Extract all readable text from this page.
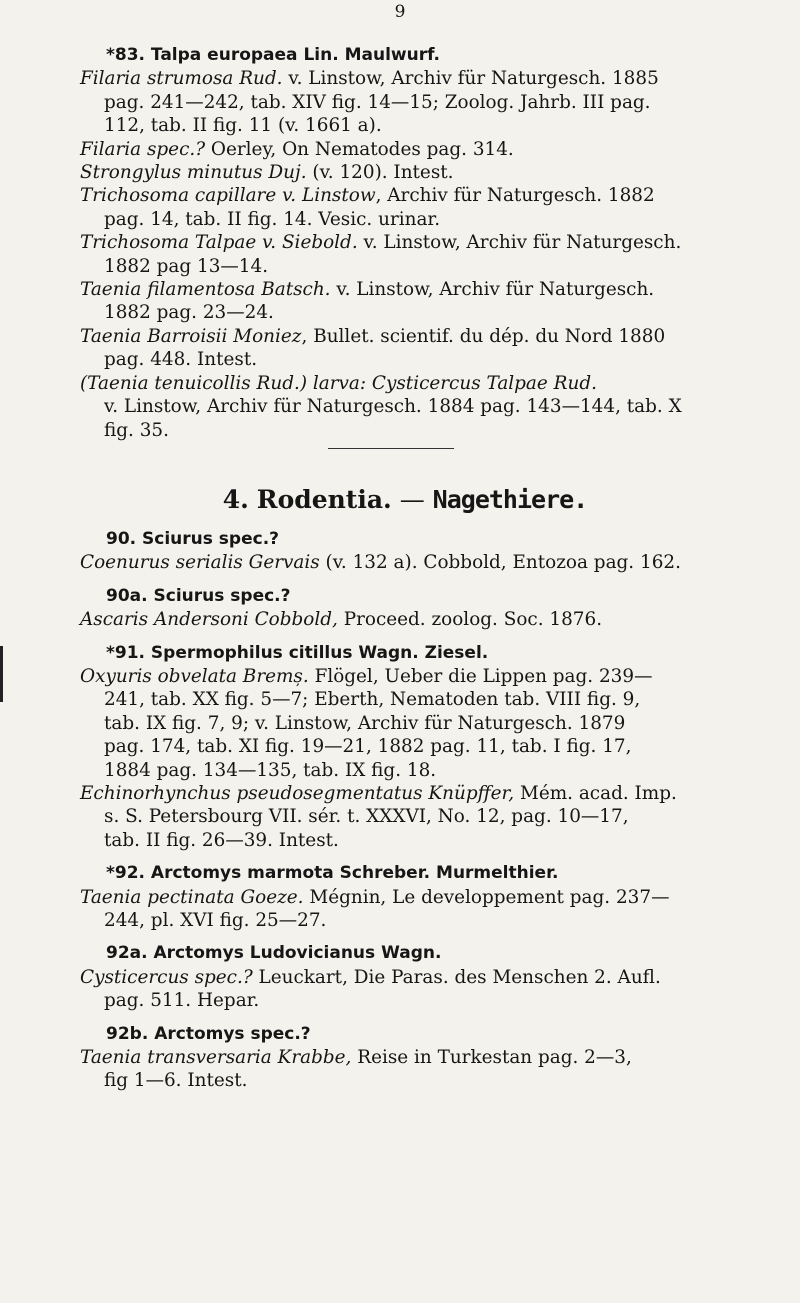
9
*83. Talpa europaea Lin. Maulwurf.
Filaria strumosa Rud. v. Linstow, Archiv für Naturgesch. 1885
pag. 241—242, tab. XIV fig. 14—15; Zoolog. Jahrb. III pag.
112, tab. II fig. 11 (v. 1661 a).
Filaria spec.? Oerley, On Nematodes pag. 314.
Strongylus minutus Duj. (v. 120). Intest.
Trichosoma capillare v. Linstow, Archiv für Naturgesch. 1882
pag. 14, tab. II fig. 14. Vesic. urinar.
Trichosoma Talpae v. Siebold. v. Linstow, Archiv für Naturgesch.
1882 pag 13—14.
Taenia filamentosa Batsch. v. Linstow, Archiv für Naturgesch.
1882 pag. 23—24.
Taenia Barroisii Moniez, Bullet. scientif. du dép. du Nord 1880
pag. 448. Intest.
(Taenia tenuicollis Rud.) larva: Cysticercus Talpae Rud.
v. Linstow, Archiv für Naturgesch. 1884 pag. 143—144, tab. X
fig. 35.
4. Rodentia. — Nagethiere.
90. Sciurus spec.?
Coenurus serialis Gervais (v. 132 a). Cobbold, Entozoa pag. 162.
90a. Sciurus spec.?
Ascaris Andersoni Cobbold, Proceed. zoolog. Soc. 1876.
*91. Spermophilus citillus Wagn. Ziesel.
Oxyuris obvelata Bremș. Flögel, Ueber die Lippen pag. 239—
241, tab. XX fig. 5—7; Eberth, Nematoden tab. VIII fig. 9,
tab. IX fig. 7, 9; v. Linstow, Archiv für Naturgesch. 1879
pag. 174, tab. XI fig. 19—21, 1882 pag. 11, tab. I fig. 17,
1884 pag. 134—135, tab. IX fig. 18.
Echinorhynchus pseudosegmentatus Knüpffer, Mém. acad. Imp.
s. S. Petersbourg VII. sér. t. XXXVI, No. 12, pag. 10—17,
tab. II fig. 26—39. Intest.
*92. Arctomys marmota Schreber. Murmelthier.
Taenia pectinata Goeze. Mégnin, Le developpement pag. 237—
244, pl. XVI fig. 25—27.
92a. Arctomys Ludovicianus Wagn.
Cysticercus spec.? Leuckart, Die Paras. des Menschen 2. Aufl.
pag. 511. Hepar.
92b. Arctomys spec.?
Taenia transversaria Krabbe, Reise in Turkestan pag. 2—3,
fig 1—6. Intest.
